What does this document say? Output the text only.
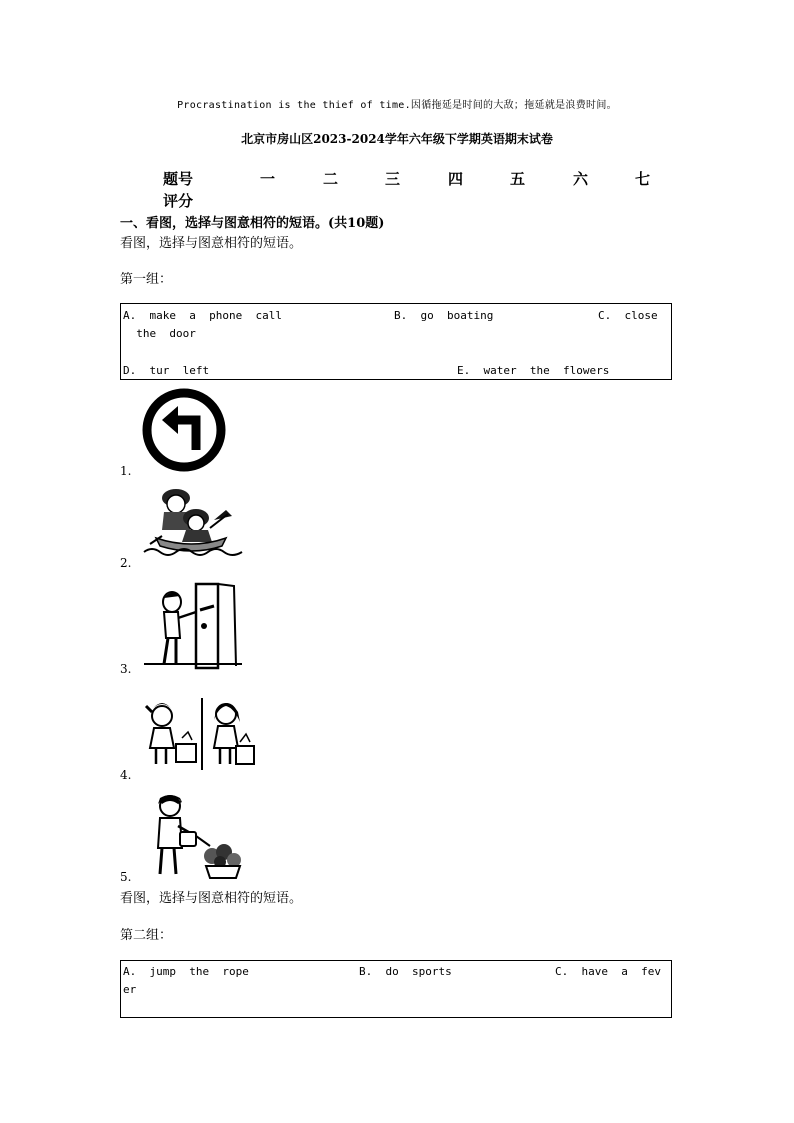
Procrastination is the thief of time.因循拖延是时间的大敌；拖延就是浪费时间。
北京市房山区2023-2024学年六年级下学期英语期末试卷
题号	一	二	三	四	五	六	七
评分
一、看图，选择与图意相符的短语。(共10题)
看图，选择与图意相符的短语。
第一组：
A.  make  a  phone  call	B.  go  boating	C.  close
the  door
D.  tur  left	E.  water  the  flowers
1.
2.
3.
4.
5.
看图，选择与图意相符的短语。
第二组：
A.  jump  the  rope	B.  do  sports	C.  have  a  fev
er
